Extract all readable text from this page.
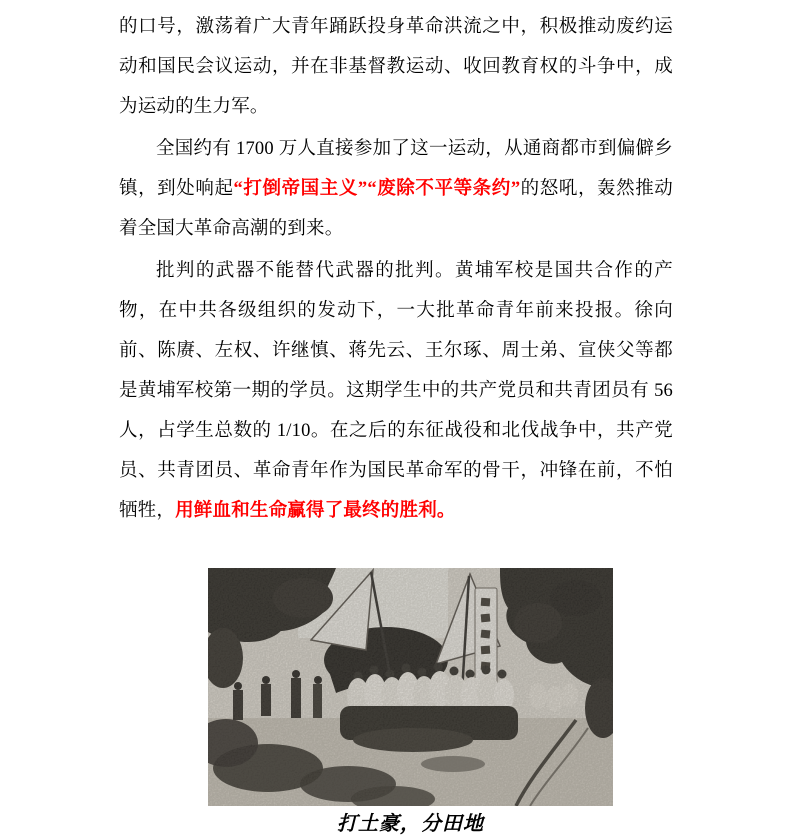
的口号，激荡着广大青年踊跃投身革命洪流之中，积极推动废约运动和国民会议运动，并在非基督教运动、收回教育权的斗争中，成为运动的生力军。

全国约有 1700 万人直接参加了这一运动，从通商都市到偏僻乡镇，到处响起“打倒帝国主义”“废除不平等条约”的怒吼，轰然推动着全国大革命高潮的到来。

批判的武器不能替代武器的批判。黄埔军校是国共合作的产物，在中共各级组织的发动下，一大批革命青年前来投报。徐向前、陈赓、左权、许继慎、蒋先云、王尔琢、周士弟、宣侠父等都是黄埔军校第一期的学员。这期学生中的共产党员和共青团员有 56 人，占学生总数的 1/10。在之后的东征战役和北伐战争中，共产党员、共青团员、革命青年作为国民革命军的骨干，冲锋在前，不怕牺牲，用鲜血和生命赢得了最终的胜利。

打土豪，分田地
